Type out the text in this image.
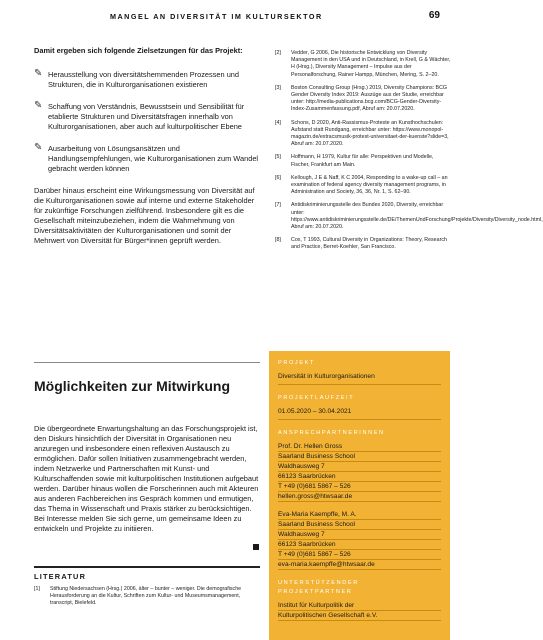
MANGEL AN DIVERSITÄT IM KULTURSEKTOR	69

Damit ergeben sich folgende Zielsetzungen für das Projekt:

✎ Herausstellung von diversitätshemmenden Prozessen und Strukturen, die in Kulturorganisationen existieren
✎ Schaffung von Verständnis, Bewusstsein und Sensibilität für etablierte Strukturen und Diversitätsfragen innerhalb von Kulturorganisationen, aber auch auf kulturpolitischer Ebene
✎ Ausarbeitung von Lösungsansätzen und Handlungsempfehlungen, wie Kulturorganisationen zum Wandel gebracht werden können

Darüber hinaus erscheint eine Wirkungsmessung von Diversität auf die Kulturorganisationen sowie auf interne und externe Stakeholder für zukünftige Forschungen zielführend. Insbesondere gilt es die Gesellschaft miteinzubeziehen, indem die Wahrnehmung von Diversitätsaktivitäten der Kulturorganisationen und somit der Mehrwert von Diversität für Bürger*innen geprüft werden.

[2] Vedder, G 2006, Die historische Entwicklung von Diversity Management in den USA und in Deutschland, in Krell, G & Wächter, H (Hrsg.), Diversity Management – Impulse aus der Personalforschung, Rainer Hampp, München, Mering, S. 2–20.
[3] Boston Consulting Group (Hrsg.) 2019, Diversity Champions: BCG Gender Diversity Index 2019: Auszüge aus der Studie, erreichbar unter: http://media-publications.bcg.com/BCG-Gender-Diversity-Index-Zusammenfassung.pdf, Abruf am: 20.07.2020.
[4] Schons, D 2020, Anti-Rassismus-Proteste an Kunsthochschulen: Aufstand statt Rundgang, erreichbar unter: https://www.monopol-magazin.de/extracsmusik-protest-universitaet-der-kuenste?slide=3, Abruf am: 20.07.2020.
[5] Hoffmann, H 1979, Kultur für alle: Perspektiven und Modelle, Fischer, Frankfurt am Main.
[6] Kellough, J E & Naff, K C 2004, Responding to a wake-up call – an examination of federal agency diversity management programs, in Administration and Society, 36, 36, Nr. 1, S. 62–90.
[7] Antidiskriminierungsstelle des Bundes 2020, Diversity, erreichbar unter: https://www.antidiskriminierungsstelle.de/DE/ThemenUndForschung/Projekte/Diversity/Diversity_node.html, Abruf am: 20.07.2020.
[8] Cox, T 1993, Cultural Diversity in Organizations: Theory, Research and Practice, Berret-Koehler, San Francisco.
Möglichkeiten zur Mitwirkung

Die übergeordnete Erwartungshaltung an das Forschungsprojekt ist, den Diskurs hinsichtlich der Diversität in Organisationen neu anzuregen und insbesondere einen reflexiven Austausch zu ermöglichen. Dafür sollen Initiativen zusammengebracht werden, indem Netzwerke und Partnerschaften mit Kunst- und Kulturschaffenden sowie mit kulturpolitischen Institutionen aufgebaut werden. Darüber hinaus wollen die Forscherinnen auch mit Akteuren aus anderen Fachbereichen ins Gespräch kommen und ermutigen, das Thema in Wissenschaft und Praxis stärker zu berücksichtigen. Bei Interesse melden Sie sich gerne, um gemeinsame Ideen zu entwickeln und Projekte zu initiieren.

LITERATUR
[1] Stiftung Niedersachsen (Hrsg.) 2006, älter – bunter – weniger. Die demografische Herausforderung an die Kultur, Schriften zum Kultur- und Museumsmanagement, transcript, Bielefeld.

PROJEKT

Diversität in Kulturorganisationen

PROJEKTLAUFZEIT

01.05.2020 – 30.04.2021

ANSPRECHPARTNERINNEN

Prof. Dr. Hellen Gross
Saarland Business School
Waldhausweg 7
66123 Saarbrücken
T +49 (0)681 5867 – 526
hellen.gross@htwsaar.de
Eva-Maria Kaempffe, M. A.
Saarland Business School
Waldhausweg 7
66123 Saarbrücken
T +49 (0)681 5867 – 526
eva-maria.kaempffe@htwsaar.de

UNTERSTÜTZENDER

PROJEKTPARTNER

Institut für Kulturpolitik der
Kulturpolitischen Gesellschaft e.V.
